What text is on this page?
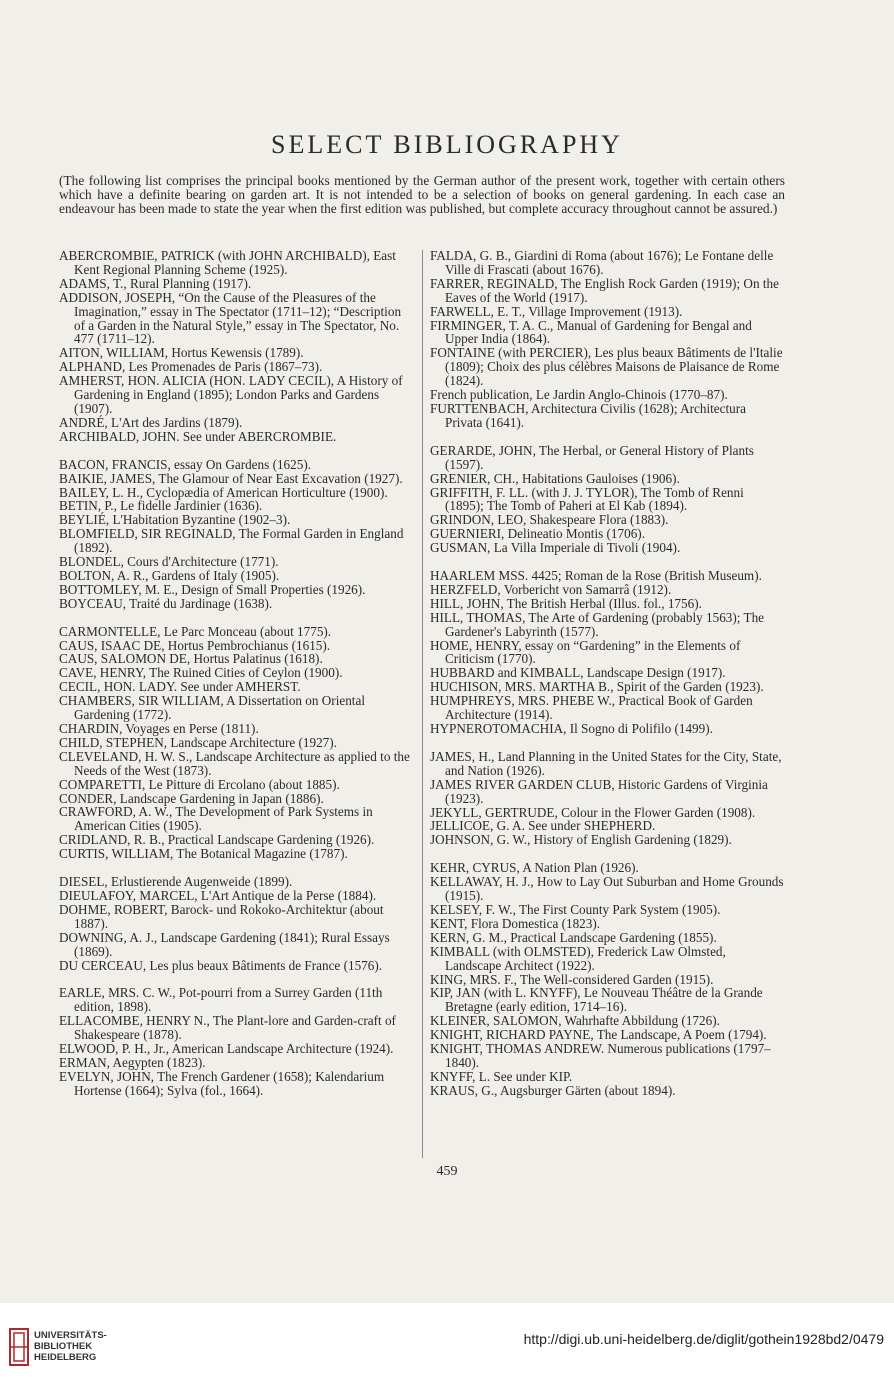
SELECT BIBLIOGRAPHY

(The following list comprises the principal books mentioned by the German author of the present work, together with certain others which have a definite bearing on garden art. It is not intended to be a selection of books on general gardening. In each case an endeavour has been made to state the year when the first edition was published, but complete accuracy throughout cannot be assured.)

ABERCROMBIE, PATRICK (with JOHN ARCHIBALD), East Kent Regional Planning Scheme (1925).

ADAMS, T., Rural Planning (1917).

ADDISON, JOSEPH, “On the Cause of the Pleasures of the Imagination,” essay in The Spectator (1711–12); “Description of a Garden in the Natural Style,” essay in The Spectator, No. 477 (1711–12).

AITON, WILLIAM, Hortus Kewensis (1789).

ALPHAND, Les Promenades de Paris (1867–73).

AMHERST, HON. ALICIA (HON. LADY CECIL), A History of Gardening in England (1895); London Parks and Gardens (1907).

ANDRÉ, L'Art des Jardins (1879).

ARCHIBALD, JOHN. See under ABERCROMBIE.

BACON, FRANCIS, essay On Gardens (1625).

BAIKIE, JAMES, The Glamour of Near East Excavation (1927).

BAILEY, L. H., Cyclopædia of American Horticulture (1900).

BETIN, P., Le fidelle Jardinier (1636).

BEYLIÉ, L'Habitation Byzantine (1902–3).

BLOMFIELD, SIR REGINALD, The Formal Garden in England (1892).

BLONDEL, Cours d'Architecture (1771).

BOLTON, A. R., Gardens of Italy (1905).

BOTTOMLEY, M. E., Design of Small Properties (1926).

BOYCEAU, Traité du Jardinage (1638).

CARMONTELLE, Le Parc Monceau (about 1775).

CAUS, ISAAC DE, Hortus Pembrochianus (1615).

CAUS, SALOMON DE, Hortus Palatinus (1618).

CAVE, HENRY, The Ruined Cities of Ceylon (1900).

CECIL, HON. LADY. See under AMHERST.

CHAMBERS, SIR WILLIAM, A Dissertation on Oriental Gardening (1772).

CHARDIN, Voyages en Perse (1811).

CHILD, STEPHEN, Landscape Architecture (1927).

CLEVELAND, H. W. S., Landscape Architecture as applied to the Needs of the West (1873).

COMPARETTI, Le Pitture di Ercolano (about 1885).

CONDER, Landscape Gardening in Japan (1886).

CRAWFORD, A. W., The Development of Park Systems in American Cities (1905).

CRIDLAND, R. B., Practical Landscape Gardening (1926).

CURTIS, WILLIAM, The Botanical Magazine (1787).

DIESEL, Erlustierende Augenweide (1899).

DIEULAFOY, MARCEL, L'Art Antique de la Perse (1884).

DOHME, ROBERT, Barock- und Rokoko-Architektur (about 1887).

DOWNING, A. J., Landscape Gardening (1841); Rural Essays (1869).

DU CERCEAU, Les plus beaux Bâtiments de France (1576).

EARLE, MRS. C. W., Pot-pourri from a Surrey Garden (11th edition, 1898).

ELLACOMBE, HENRY N., The Plant-lore and Garden-craft of Shakespeare (1878).

ELWOOD, P. H., Jr., American Landscape Architecture (1924).

ERMAN, Aegypten (1823).

EVELYN, JOHN, The French Gardener (1658); Kalendarium Hortense (1664); Sylva (fol., 1664).

FALDA, G. B., Giardini di Roma (about 1676); Le Fontane delle Ville di Frascati (about 1676).

FARRER, REGINALD, The English Rock Garden (1919); On the Eaves of the World (1917).

FARWELL, E. T., Village Improvement (1913).

FIRMINGER, T. A. C., Manual of Gardening for Bengal and Upper India (1864).

FONTAINE (with PERCIER), Les plus beaux Bâtiments de l'Italie (1809); Choix des plus célèbres Maisons de Plaisance de Rome (1824).

French publication, Le Jardin Anglo-Chinois (1770–87).

FURTTENBACH, Architectura Civilis (1628); Architectura Privata (1641).

GERARDE, JOHN, The Herbal, or General History of Plants (1597).

GRENIER, CH., Habitations Gauloises (1906).

GRIFFITH, F. LL. (with J. J. TYLOR), The Tomb of Renni (1895); The Tomb of Paheri at El Kab (1894).

GRINDON, LEO, Shakespeare Flora (1883).

GUERNIERI, Delineatio Montis (1706).

GUSMAN, La Villa Imperiale di Tivoli (1904).

HAARLEM MSS. 4425; Roman de la Rose (British Museum).

HERZFELD, Vorbericht von Samarrâ (1912).

HILL, JOHN, The British Herbal (Illus. fol., 1756).

HILL, THOMAS, The Arte of Gardening (probably 1563); The Gardener's Labyrinth (1577).

HOME, HENRY, essay on “Gardening” in the Elements of Criticism (1770).

HUBBARD and KIMBALL, Landscape Design (1917).

HUCHISON, MRS. MARTHA B., Spirit of the Garden (1923).

HUMPHREYS, MRS. PHEBE W., Practical Book of Garden Architecture (1914).

HYPNEROTOMACHIA, Il Sogno di Polifilo (1499).

JAMES, H., Land Planning in the United States for the City, State, and Nation (1926).

JAMES RIVER GARDEN CLUB, Historic Gardens of Virginia (1923).

JEKYLL, GERTRUDE, Colour in the Flower Garden (1908).

JELLICOE, G. A. See under SHEPHERD.

JOHNSON, G. W., History of English Gardening (1829).

KEHR, CYRUS, A Nation Plan (1926).

KELLAWAY, H. J., How to Lay Out Suburban and Home Grounds (1915).

KELSEY, F. W., The First County Park System (1905).

KENT, Flora Domestica (1823).

KERN, G. M., Practical Landscape Gardening (1855).

KIMBALL (with OLMSTED), Frederick Law Olmsted, Landscape Architect (1922).

KING, MRS. F., The Well-considered Garden (1915).

KIP, JAN (with L. KNYFF), Le Nouveau Théâtre de la Grande Bretagne (early edition, 1714–16).

KLEINER, SALOMON, Wahrhafte Abbildung (1726).

KNIGHT, RICHARD PAYNE, The Landscape, A Poem (1794).

KNIGHT, THOMAS ANDREW. Numerous publications (1797–1840).

KNYFF, L. See under KIP.

KRAUS, G., Augsburger Gärten (about 1894).

459
UNIVERSITÄTS-
BIBLIOTHEK
HEIDELBERG
http://digi.ub.uni-heidelberg.de/diglit/gothein1928bd2/0479
